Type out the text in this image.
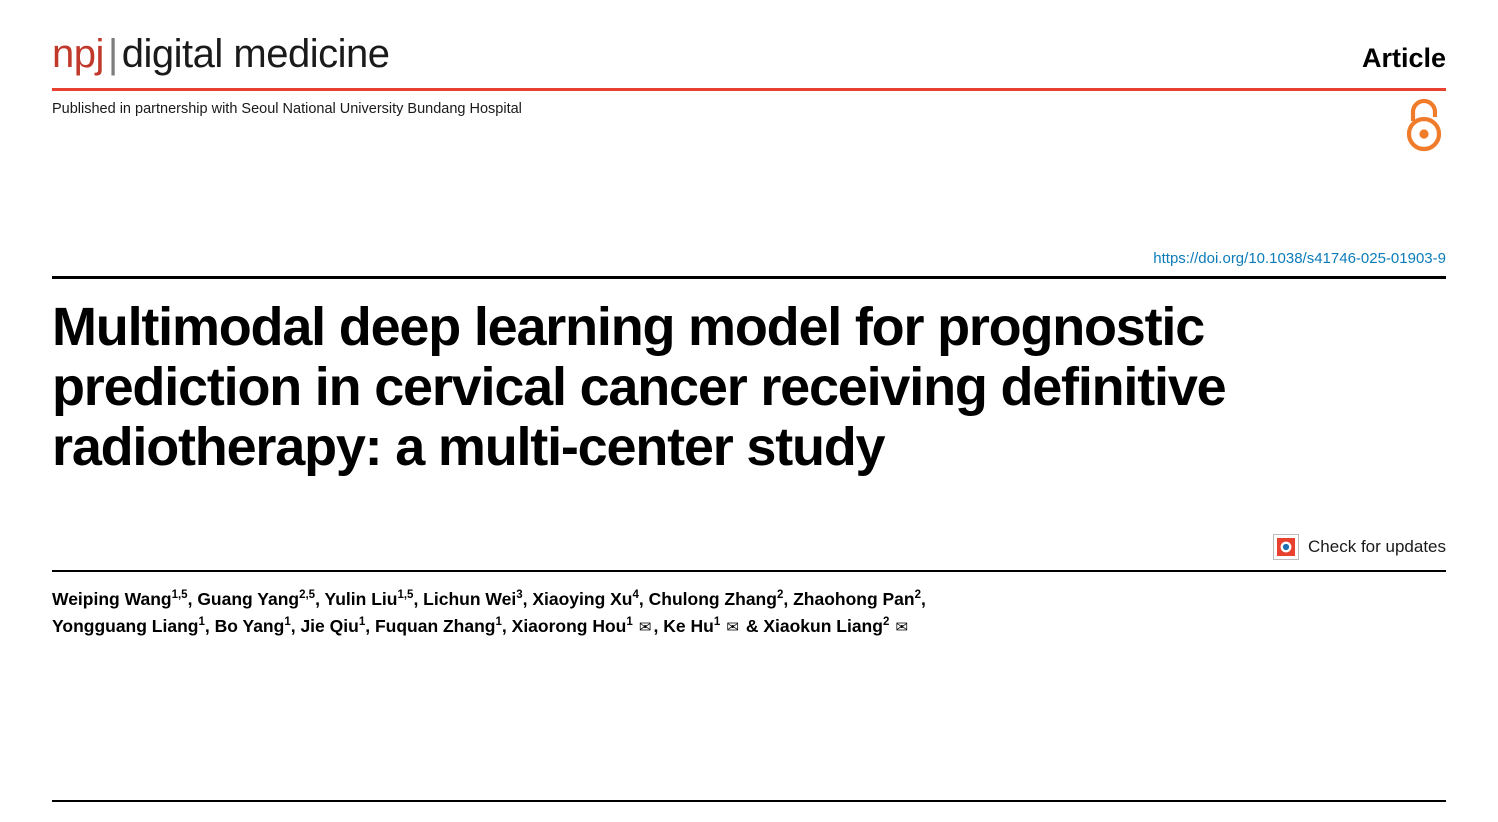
npj | digital medicine	Article
Published in partnership with Seoul National University Bundang Hospital
https://doi.org/10.1038/s41746-025-01903-9
Multimodal deep learning model for prognostic prediction in cervical cancer receiving definitive radiotherapy: a multi-center study
Check for updates
Weiping Wang$^{1,5}$, Guang Yang$^{2,5}$, Yulin Liu$^{1,5}$, Lichun Wei$^3$, Xiaoying Xu$^4$, Chulong Zhang$^2$, Zhaohong Pan$^2$,
Yongguang Liang$^1$, Bo Yang$^1$, Jie Qiu$^1$, Fuquan Zhang$^1$, Xiaorong Hou$^1$ ✉ , Ke Hu$^1$ ✉ & Xiaokun Liang$^2$ ✉
